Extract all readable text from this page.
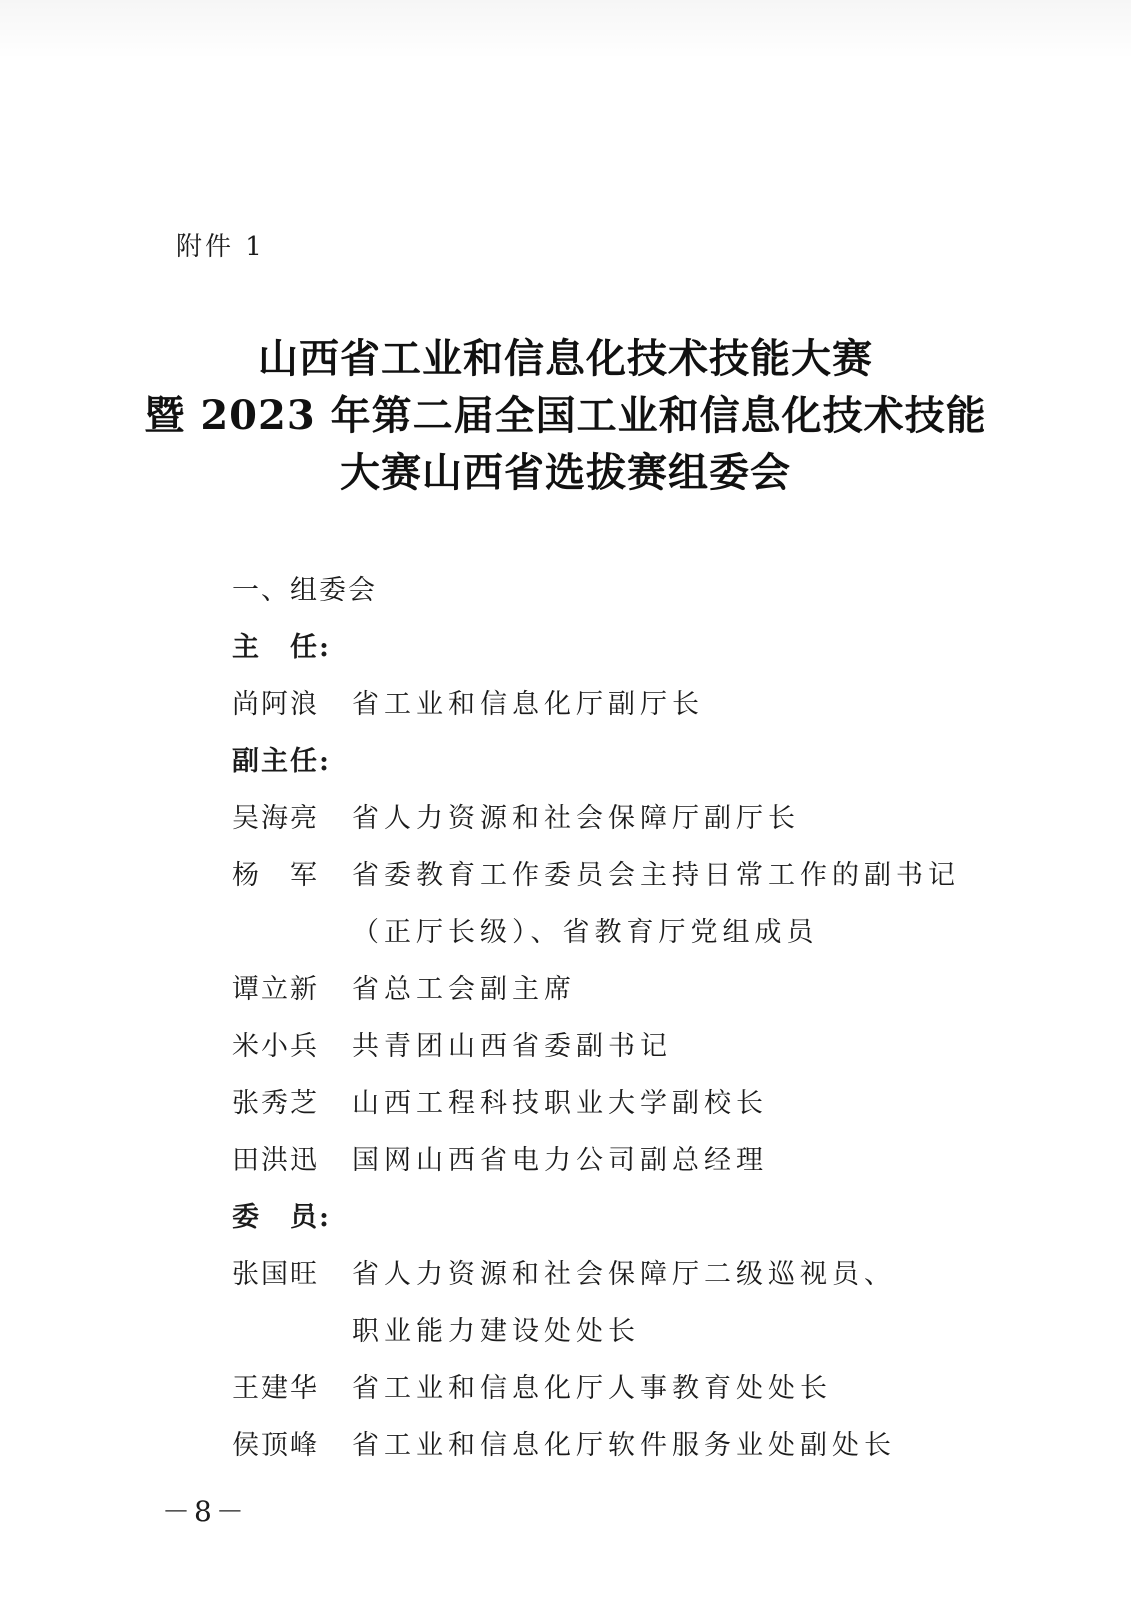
附件 1
山西省工业和信息化技术技能大赛
暨 2023 年第二届全国工业和信息化技术技能
大赛山西省选拔赛组委会
一、组委会
主　任:
尚阿浪	省工业和信息化厅副厅长
副主任:
吴海亮	省人力资源和社会保障厅副厅长
杨　军	省委教育工作委员会主持日常工作的副书记
（正厅长级）、省教育厅党组成员
谭立新	省总工会副主席
米小兵	共青团山西省委副书记
张秀芝	山西工程科技职业大学副校长
田洪迅	国网山西省电力公司副总经理
委　员:
张国旺	省人力资源和社会保障厅二级巡视员、
职业能力建设处处长
王建华	省工业和信息化厅人事教育处处长
侯顶峰	省工业和信息化厅软件服务业处副处长
－8－
